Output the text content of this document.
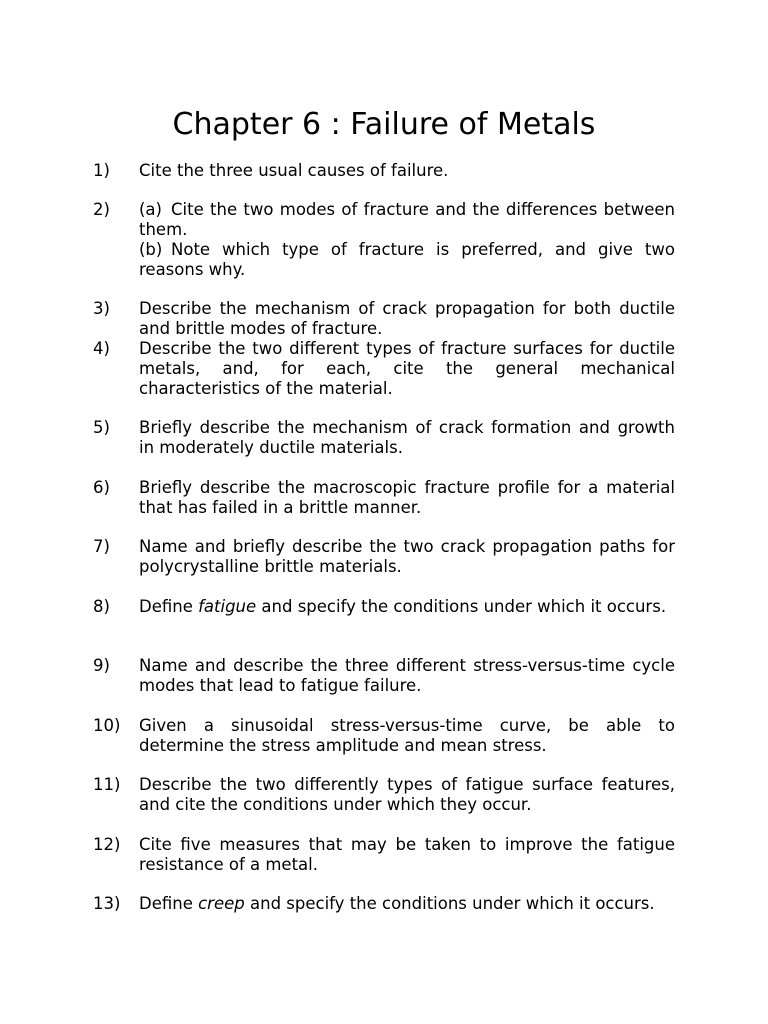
Chapter 6 : Failure of Metals
1) Cite the three usual causes of failure.

2) (a) Cite the two modes of fracture and the differences between them.

(b) Note which type of fracture is preferred, and give two reasons why.

3) Describe the mechanism of crack propagation for both ductile and brittle modes of fracture.

4) Describe the two different types of fracture surfaces for ductile metals, and, for each, cite the general mechanical characteristics of the material.

5) Briefly describe the mechanism of crack formation and growth in moderately ductile materials.

6) Briefly describe the macroscopic fracture profile for a material that has failed in a brittle manner.

7) Name and briefly describe the two crack propagation paths for polycrystalline brittle materials.

8) Define fatigue and specify the conditions under which it occurs.

9) Name and describe the three different stress-versus-time cycle modes that lead to fatigue failure.

10) Given a sinusoidal stress-versus-time curve, be able to determine the stress amplitude and mean stress.

11) Describe the two differently types of fatigue surface features, and cite the conditions under which they occur.

12) Cite five measures that may be taken to improve the fatigue resistance of a metal.

13) Define creep and specify the conditions under which it occurs.
